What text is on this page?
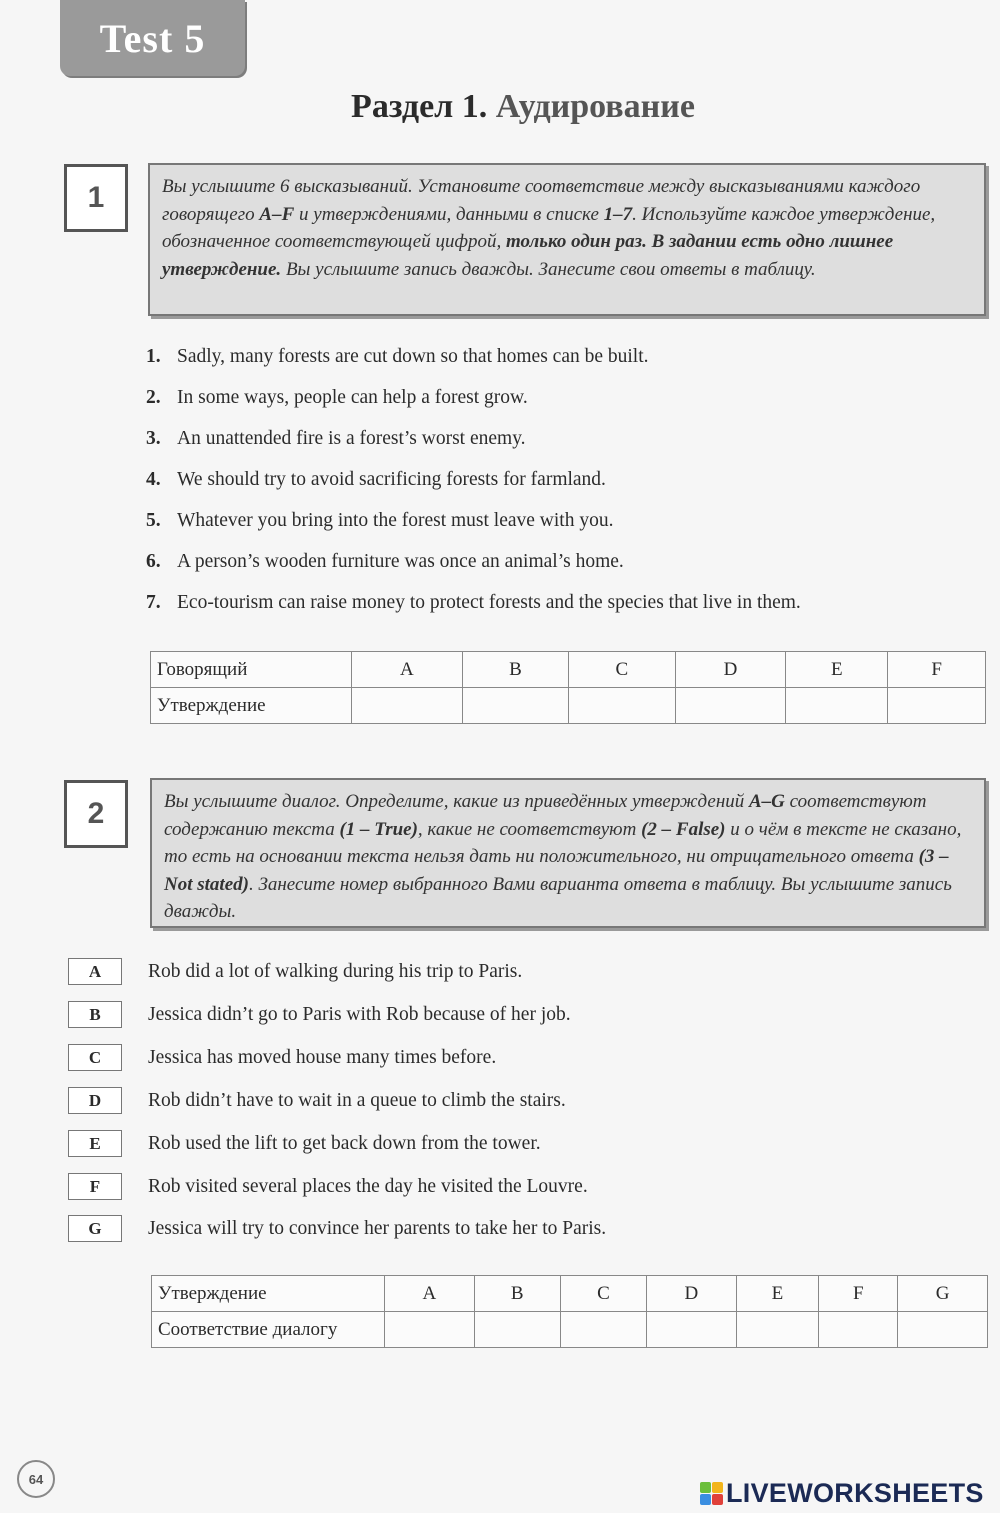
Test 5
Раздел 1. Аудирование
1	Вы услышите 6 высказываний. Установите соответствие между высказываниями каждого говорящего A–F и утверждениями, данными в списке 1–7. Используйте каждое утверждение, обозначенное соответствующей цифрой, только один раз. В задании есть одно лишнее утверждение. Вы услышите запись дважды. Занесите свои ответы в таблицу.
1. Sadly, many forests are cut down so that homes can be built.
2. In some ways, people can help a forest grow.
3. An unattended fire is a forest’s worst enemy.
4. We should try to avoid sacrificing forests for farmland.
5. Whatever you bring into the forest must leave with you.
6. A person’s wooden furniture was once an animal’s home.
7. Eco-tourism can raise money to protect forests and the species that live in them.
Говорящий	A	B	C	D	E	F
Утверждение						
2	Вы услышите диалог. Определите, какие из приведённых утверждений A–G соответствуют содержанию текста (1 – True), какие не соответствуют (2 – False) и о чём в тексте не сказано, то есть на основании текста нельзя дать ни положительного, ни отрицательного ответа (3 – Not stated). Занесите номер выбранного Вами варианта ответа в таблицу. Вы услышите запись дважды.
A	Rob did a lot of walking during his trip to Paris.
B	Jessica didn’t go to Paris with Rob because of her job.
C	Jessica has moved house many times before.
D	Rob didn’t have to wait in a queue to climb the stairs.
E	Rob used the lift to get back down from the tower.
F	Rob visited several places the day he visited the Louvre.
G	Jessica will try to convince her parents to take her to Paris.
Утверждение	A	B	C	D	E	F	G
Соответствие диалогу							
64	LIVEWORKSHEETS
